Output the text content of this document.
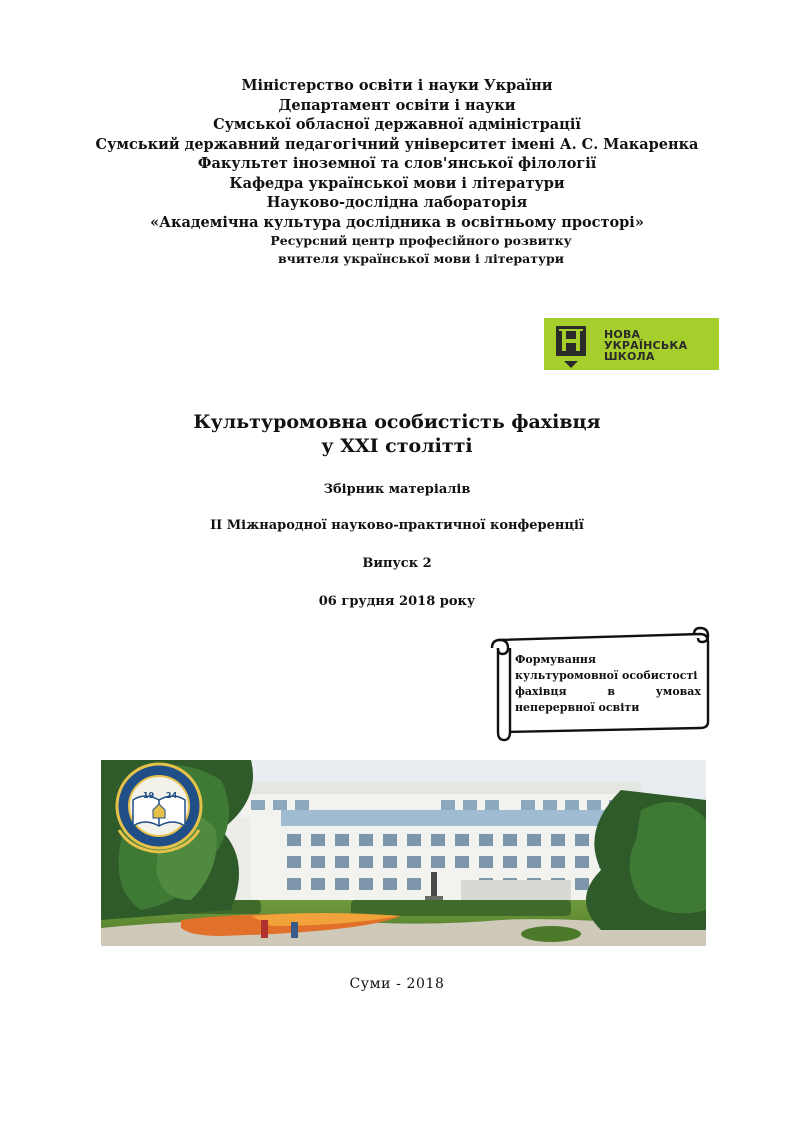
Міністерство освіти і науки України
Департамент освіти і науки
Сумської обласної державної адміністрації
Сумський державний педагогічний університет імені А. С. Макаренка
Факультет іноземної та слов'янської філології
Кафедра української мови і літератури
Науково-дослідна лабораторія
«Академічна культура дослідника в освітньому просторі»
Ресурсний центр професійного розвитку
вчителя української мови і літератури
НОВА
УКРАЇНСЬКА
ШКОЛА
Культуромовна особистість фахівця
у ХХІ столітті
Збірник матеріалів
ІІ Міжнародної науково-практичної конференції
Випуск 2
06 грудня 2018 року
Формування
культуромовної особистості
фахівця	в	умовах
неперервної освіти
19 24
Суми - 2018
